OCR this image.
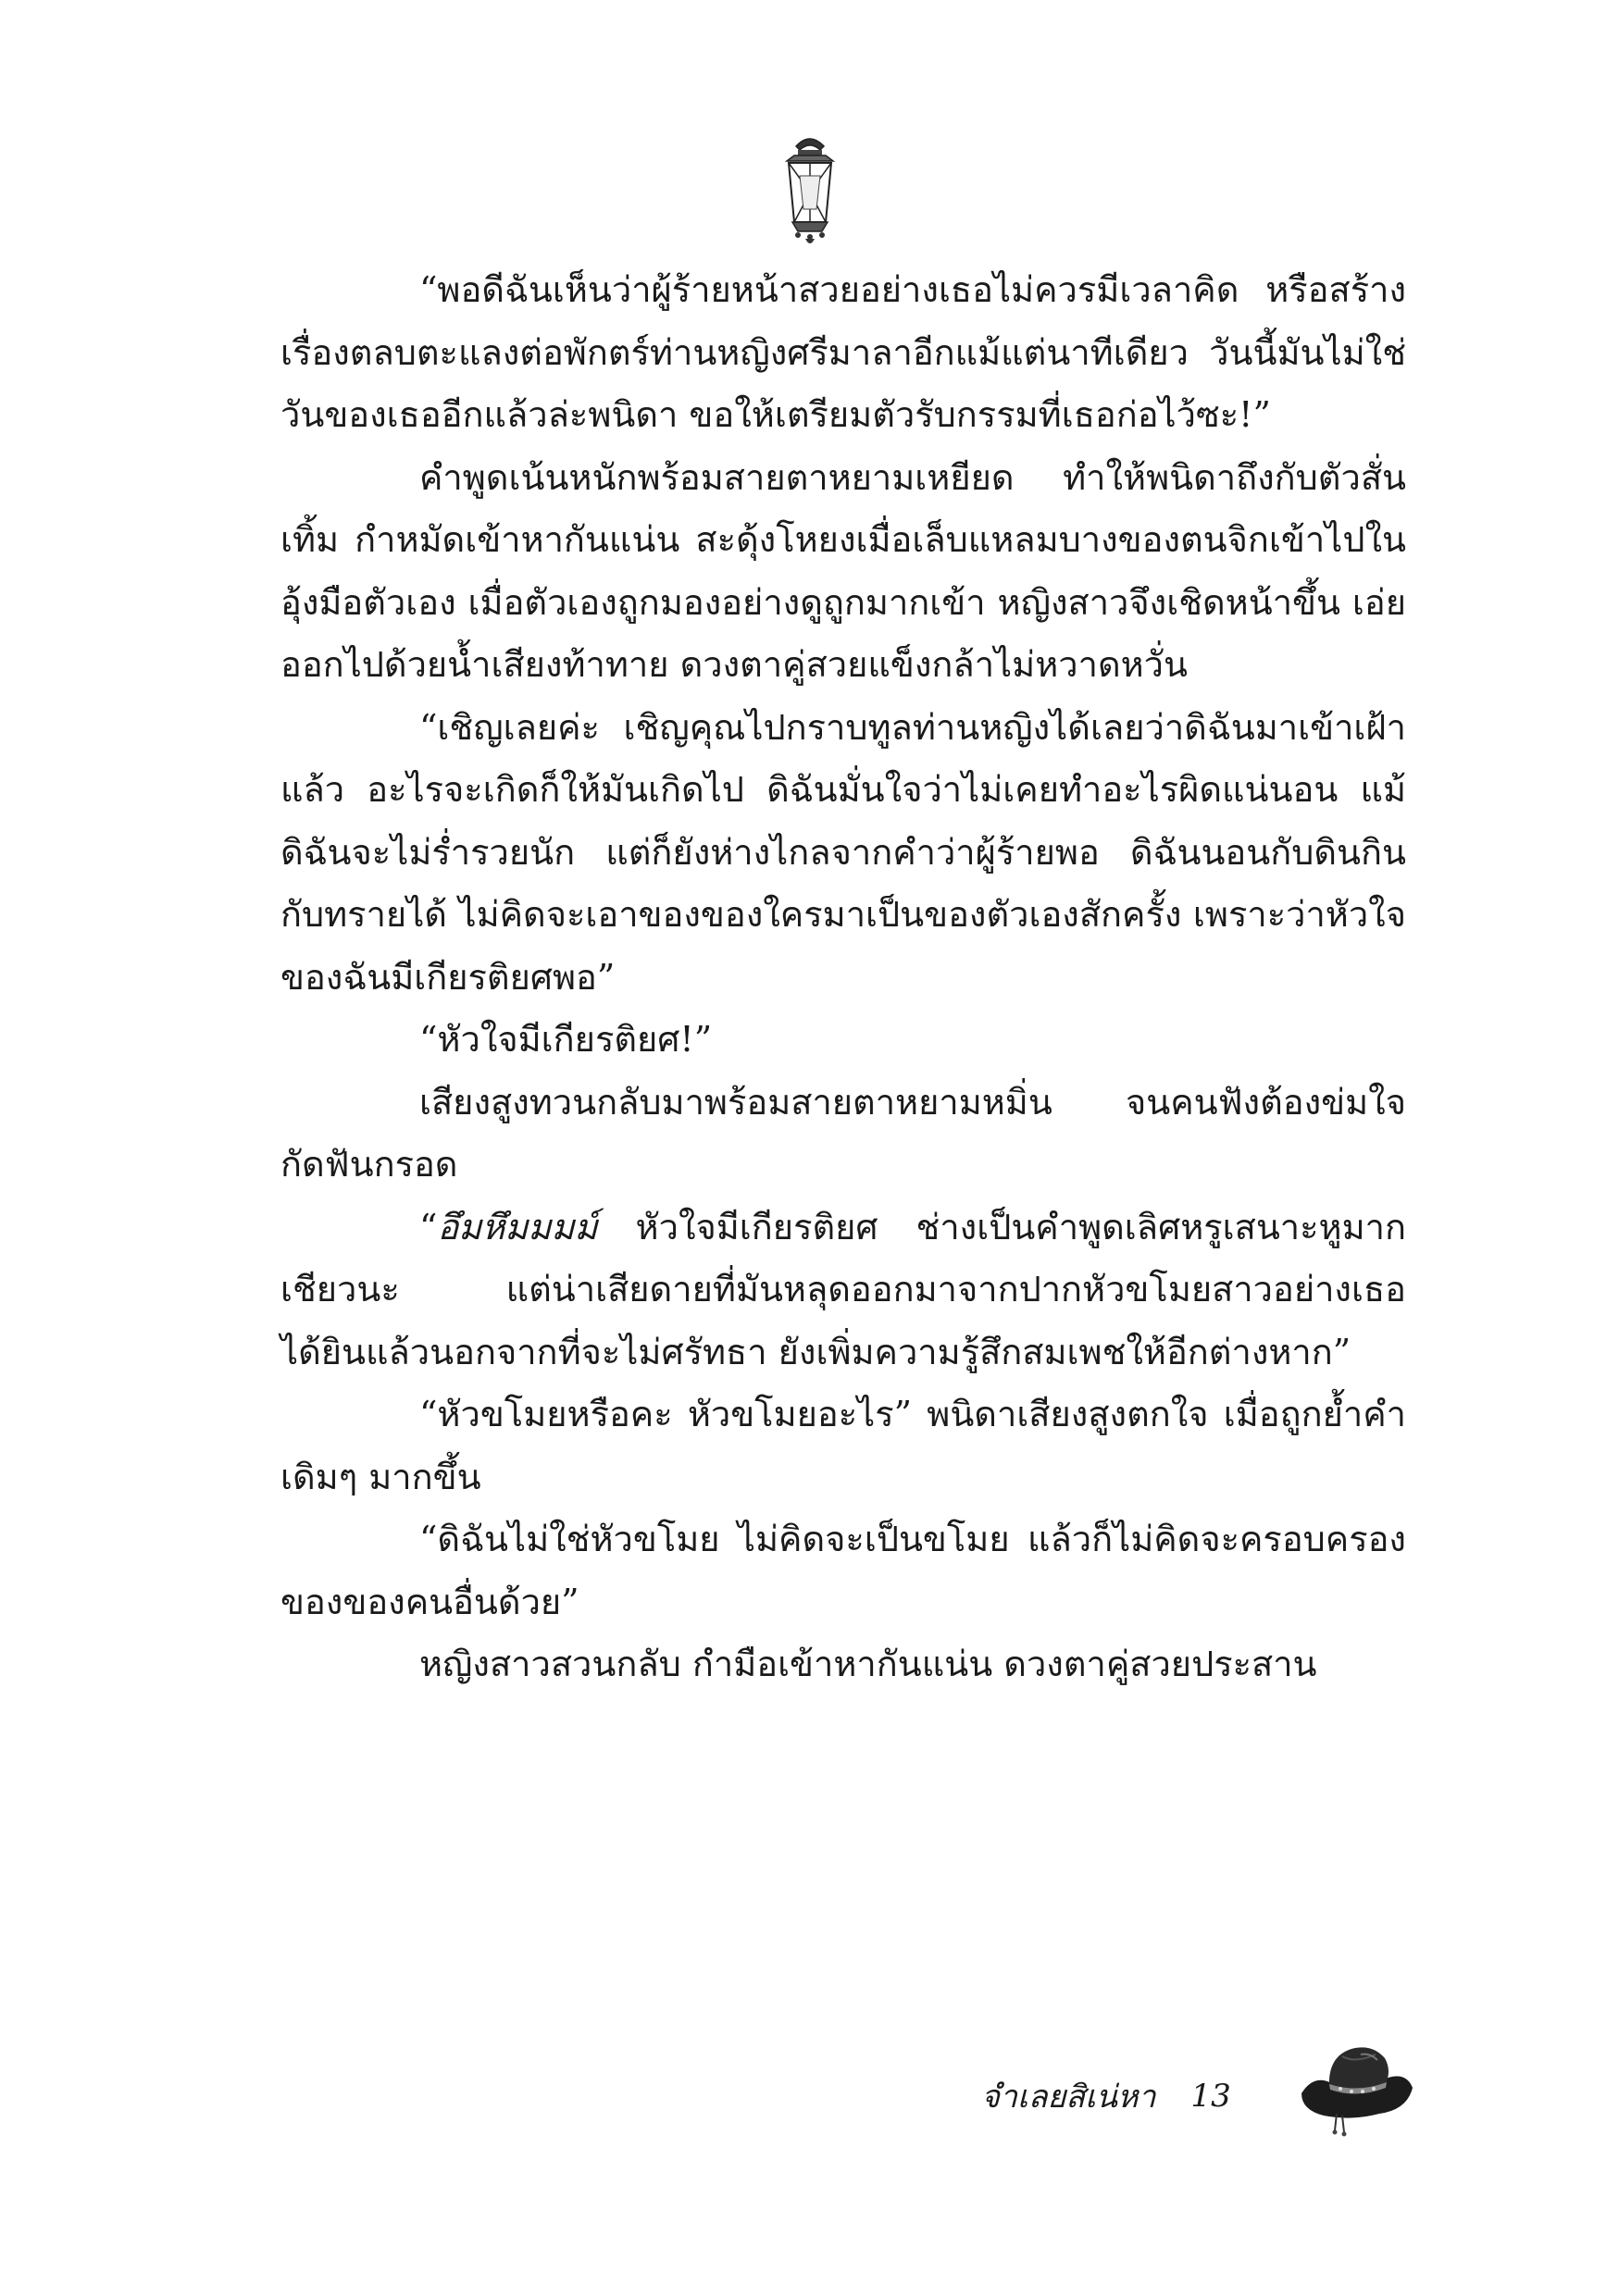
“พอดีฉันเห็นว่าผู้ร้ายหน้าสวยอย่างเธอไม่ควรมีเวลาคิด หรือสร้างเรื่องตลบตะแลงต่อพักตร์ท่านหญิงศรีมาลาอีกแม้แต่นาทีเดียว วันนี้มันไม่ใช่วันของเธออีกแล้วล่ะพนิดา ขอให้เตรียมตัวรับกรรมที่เธอก่อไว้ซะ!”

คำพูดเน้นหนักพร้อมสายตาหยามเหยียด ทำให้พนิดาถึงกับตัวสั่นเทิ้ม กำหมัดเข้าหากันแน่น สะดุ้งโหยงเมื่อเล็บแหลมบางของตนจิกเข้าไปในอุ้งมือตัวเอง เมื่อตัวเองถูกมองอย่างดูถูกมากเข้า หญิงสาวจึงเชิดหน้าขึ้น เอ่ยออกไปด้วยน้ำเสียงท้าทาย ดวงตาคู่สวยแข็งกล้าไม่หวาดหวั่น

“เชิญเลยค่ะ เชิญคุณไปกราบทูลท่านหญิงได้เลยว่าดิฉันมาเข้าเฝ้าแล้ว อะไรจะเกิดก็ให้มันเกิดไป ดิฉันมั่นใจว่าไม่เคยทำอะไรผิดแน่นอน แม้ดิฉันจะไม่ร่ำรวยนัก แต่ก็ยังห่างไกลจากคำว่าผู้ร้ายพอ ดิฉันนอนกับดินกินกับทรายได้ ไม่คิดจะเอาของของใครมาเป็นของตัวเองสักครั้ง เพราะว่าหัวใจของฉันมีเกียรติยศพอ”

“หัวใจมีเกียรติยศ!”

เสียงสูงทวนกลับมาพร้อมสายตาหยามหมิ่น จนคนฟังต้องข่มใจกัดฟันกรอด

“อึมหึมมมม์ หัวใจมีเกียรติยศ ช่างเป็นคำพูดเลิศหรูเสนาะหูมากเชียวนะ แต่น่าเสียดายที่มันหลุดออกมาจากปากหัวขโมยสาวอย่างเธอ ได้ยินแล้วนอกจากที่จะไม่ศรัทธา ยังเพิ่มความรู้สึกสมเพชให้อีกต่างหาก”

“หัวขโมยหรือคะ หัวขโมยอะไร” พนิดาเสียงสูงตกใจ เมื่อถูกย้ำคำเดิมๆ มากขึ้น

“ดิฉันไม่ใช่หัวขโมย ไม่คิดจะเป็นขโมย แล้วก็ไม่คิดจะครอบครองของของคนอื่นด้วย”

หญิงสาวสวนกลับ กำมือเข้าหากันแน่น ดวงตาคู่สวยประสาน

จำเลยสิเน่หา 13
